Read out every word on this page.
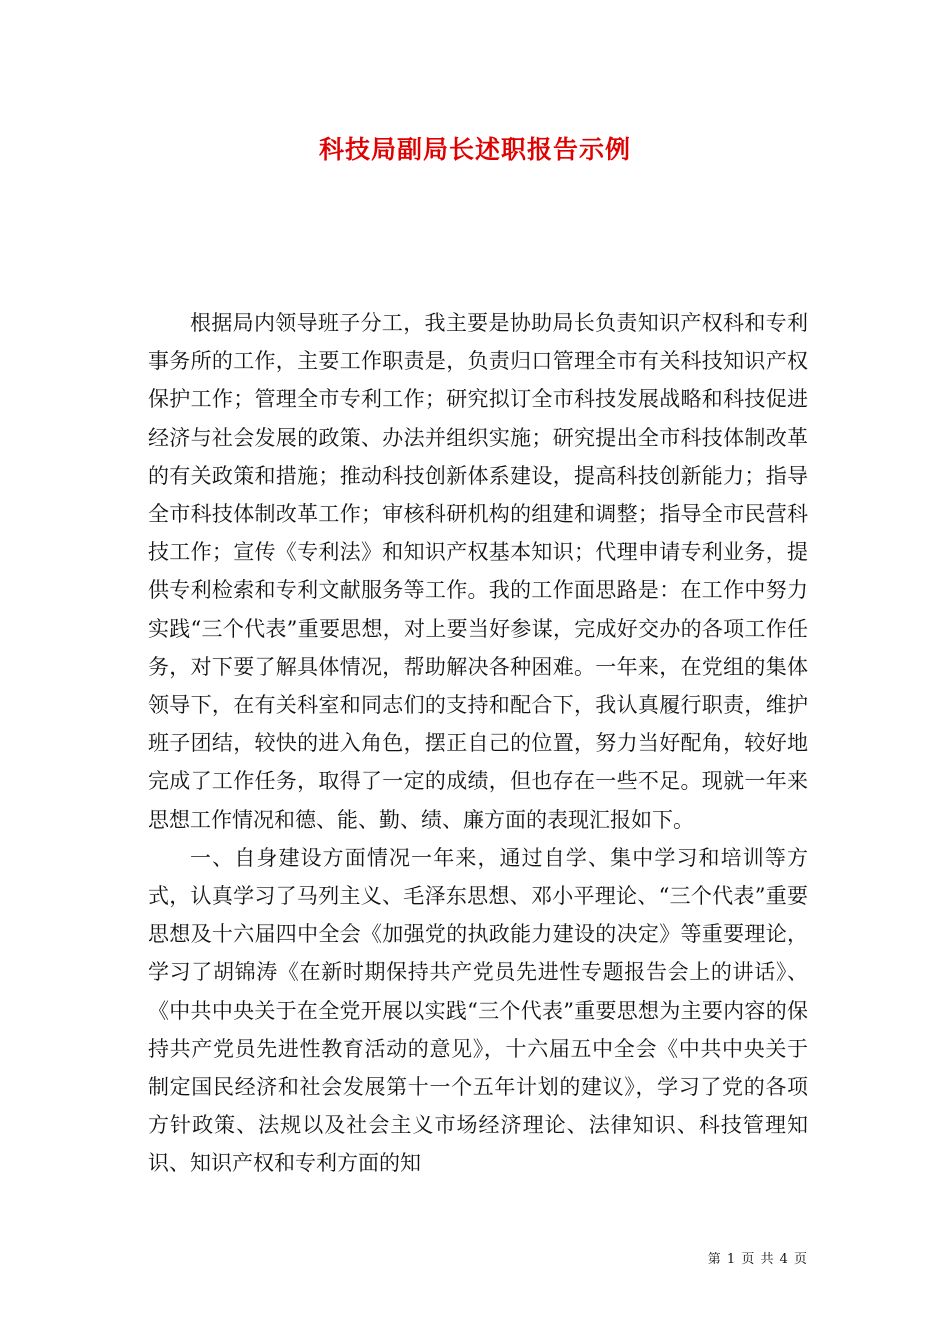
科技局副局长述职报告示例

根据局内领导班子分工，我主要是协助局长负责知识产权科和专利事务所的工作，主要工作职责是，负责归口管理全市有关科技知识产权保护工作；管理全市专利工作；研究拟订全市科技发展战略和科技促进经济与社会发展的政策、办法并组织实施；研究提出全市科技体制改革的有关政策和措施；推动科技创新体系建设，提高科技创新能力；指导全市科技体制改革工作；审核科研机构的组建和调整；指导全市民营科技工作；宣传《专利法》和知识产权基本知识；代理申请专利业务，提供专利检索和专利文献服务等工作。我的工作面思路是：在工作中努力实践“三个代表”重要思想，对上要当好参谋，完成好交办的各项工作任务，对下要了解具体情况，帮助解决各种困难。一年来，在党组的集体领导下，在有关科室和同志们的支持和配合下，我认真履行职责，维护班子团结，较快的进入角色，摆正自己的位置，努力当好配角，较好地完成了工作任务，取得了一定的成绩，但也存在一些不足。现就一年来思想工作情况和德、能、勤、绩、廉方面的表现汇报如下。

一、自身建设方面情况一年来，通过自学、集中学习和培训等方式，认真学习了马列主义、毛泽东思想、邓小平理论、“三个代表”重要思想及十六届四中全会《加强党的执政能力建设的决定》等重要理论，学习了胡锦涛《在新时期保持共产党员先进性专题报告会上的讲话》、《中共中央关于在全党开展以实践“三个代表”重要思想为主要内容的保持共产党员先进性教育活动的意见》，十六届五中全会《中共中央关于制定国民经济和社会发展第十一个五年计划的建议》，学习了党的各项方针政策、法规以及社会主义市场经济理论、法律知识、科技管理知识、知识产权和专利方面的知

第 1 页 共 4 页
